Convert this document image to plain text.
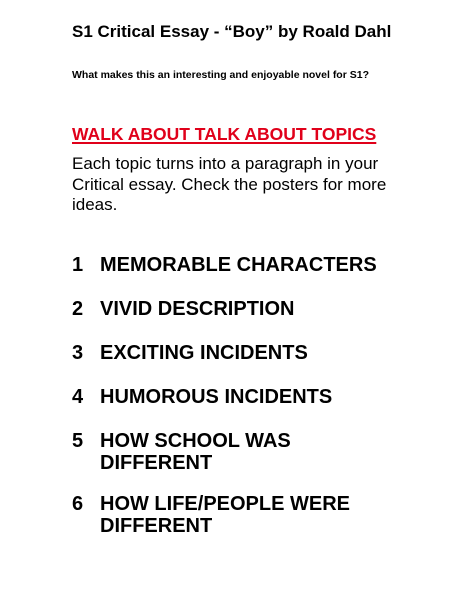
S1 Critical Essay - “Boy” by Roald Dahl
What makes this an interesting and enjoyable novel for S1?
WALK ABOUT TALK ABOUT TOPICS
Each topic turns into a paragraph in your Critical essay. Check the posters for more ideas.
1 MEMORABLE CHARACTERS
2 VIVID DESCRIPTION
3 EXCITING INCIDENTS
4 HUMOROUS INCIDENTS
5 HOW SCHOOL WAS DIFFERENT
6 HOW LIFE/PEOPLE WERE DIFFERENT
